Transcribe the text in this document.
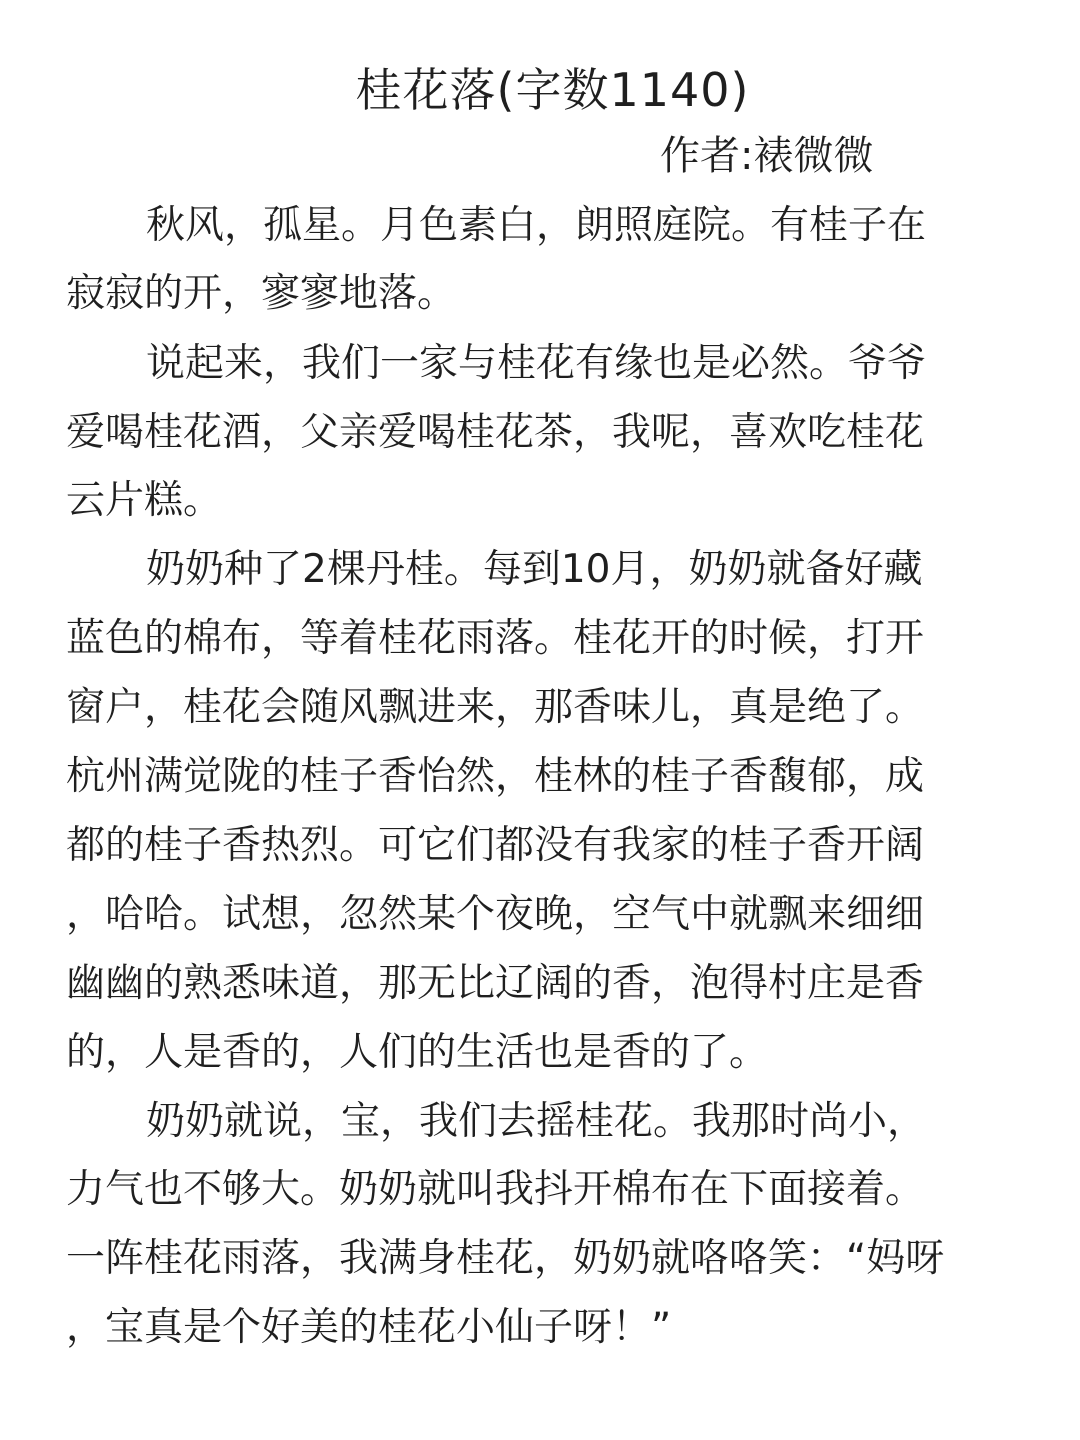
桂花落(字数1140)
作者:裱微微
秋风，孤星。月色素白，朗照庭院。有桂子在
寂寂的开，寥寥地落。
说起来，我们一家与桂花有缘也是必然。爷爷
爱喝桂花酒，父亲爱喝桂花茶，我呢，喜欢吃桂花
云片糕。
奶奶种了2棵丹桂。每到10月，奶奶就备好藏
蓝色的棉布，等着桂花雨落。桂花开的时候，打开
窗户，桂花会随风飘进来，那香味儿，真是绝了。
杭州满觉陇的桂子香怡然，桂林的桂子香馥郁，成
都的桂子香热烈。可它们都没有我家的桂子香开阔
，哈哈。试想，忽然某个夜晚，空气中就飘来细细
幽幽的熟悉味道，那无比辽阔的香，泡得村庄是香
的，人是香的，人们的生活也是香的了。
奶奶就说，宝，我们去摇桂花。我那时尚小，
力气也不够大。奶奶就叫我抖开棉布在下面接着。
一阵桂花雨落，我满身桂花，奶奶就咯咯笑：“妈呀
，宝真是个好美的桂花小仙子呀！”
